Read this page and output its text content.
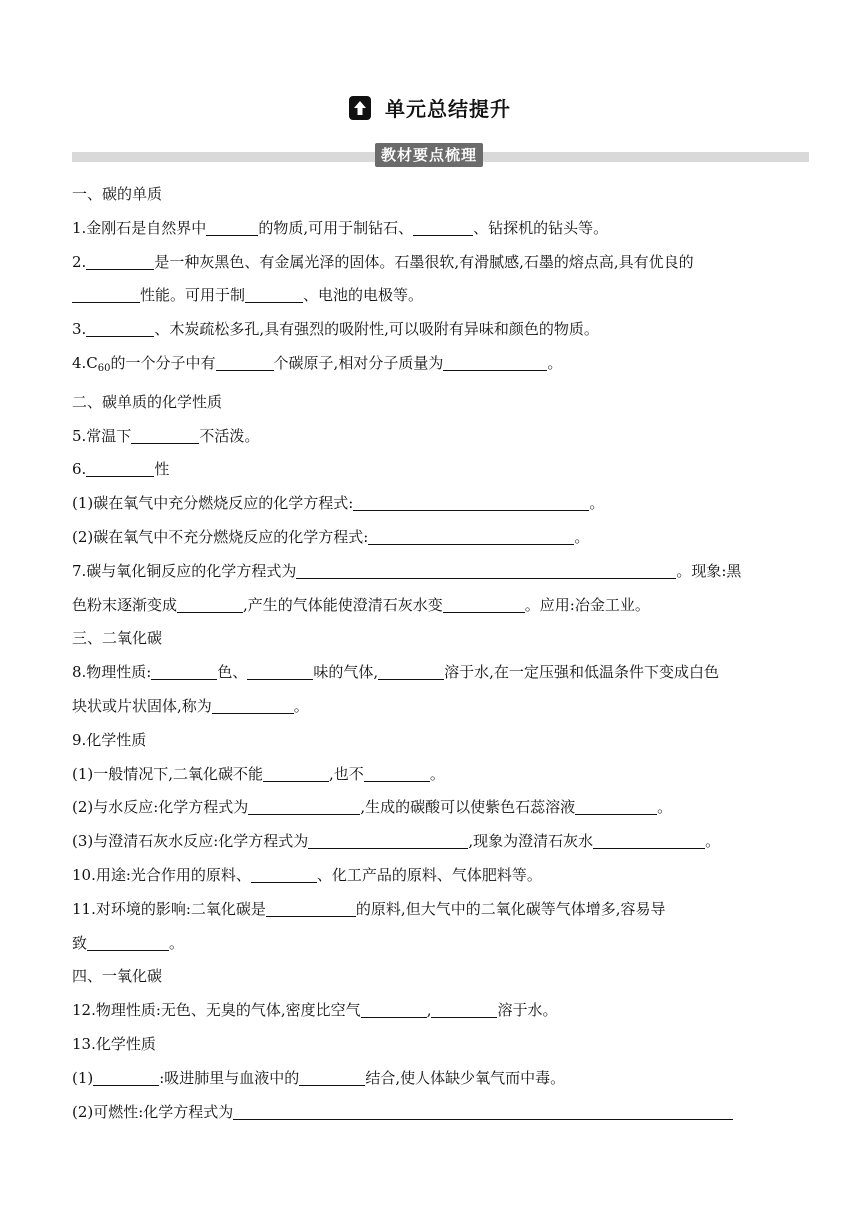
单元总结提升
教材要点梳理
一、碳的单质
1.金刚石是自然界中	的物质,可用于制钻石、	、钻探机的钻头等。
2.	是一种灰黑色、有金属光泽的固体。石墨很软,有滑腻感,石墨的熔点高,具有优良的
性能。可用于制	、电池的电极等。
3.	、木炭疏松多孔,具有强烈的吸附性,可以吸附有异味和颜色的物质。
$4.C_{60}$的一个分子中有	个碳原子,相对分子质量为	。
二、碳单质的化学性质
5.常温下	不活泼。
6.	性
(1)碳在氧气中充分燃烧反应的化学方程式:	。
(2)碳在氧气中不充分燃烧反应的化学方程式:	。
7.碳与氧化铜反应的化学方程式为	。现象:黑
色粉末逐渐变成	,产生的气体能使澄清石灰水变	。应用:冶金工业。
三、二氧化碳
8.物理性质:	色、	味的气体,	溶于水,在一定压强和低温条件下变成白色
块状或片状固体,称为	。
9.化学性质
(1)一般情况下,二氧化碳不能	,也不	。
(2)与水反应:化学方程式为	,生成的碳酸可以使紫色石蕊溶液	。
(3)与澄清石灰水反应:化学方程式为	,现象为澄清石灰水	。
10.用途:光合作用的原料、	、化工产品的原料、气体肥料等。
11.对环境的影响:二氧化碳是	的原料,但大气中的二氧化碳等气体增多,容易导
致	。
四、一氧化碳
12.物理性质:无色、无臭的气体,密度比空气	,	溶于水。
13.化学性质
(1)	:吸进肺里与血液中的	结合,使人体缺少氧气而中毒。
(2)可燃性:化学方程式为
